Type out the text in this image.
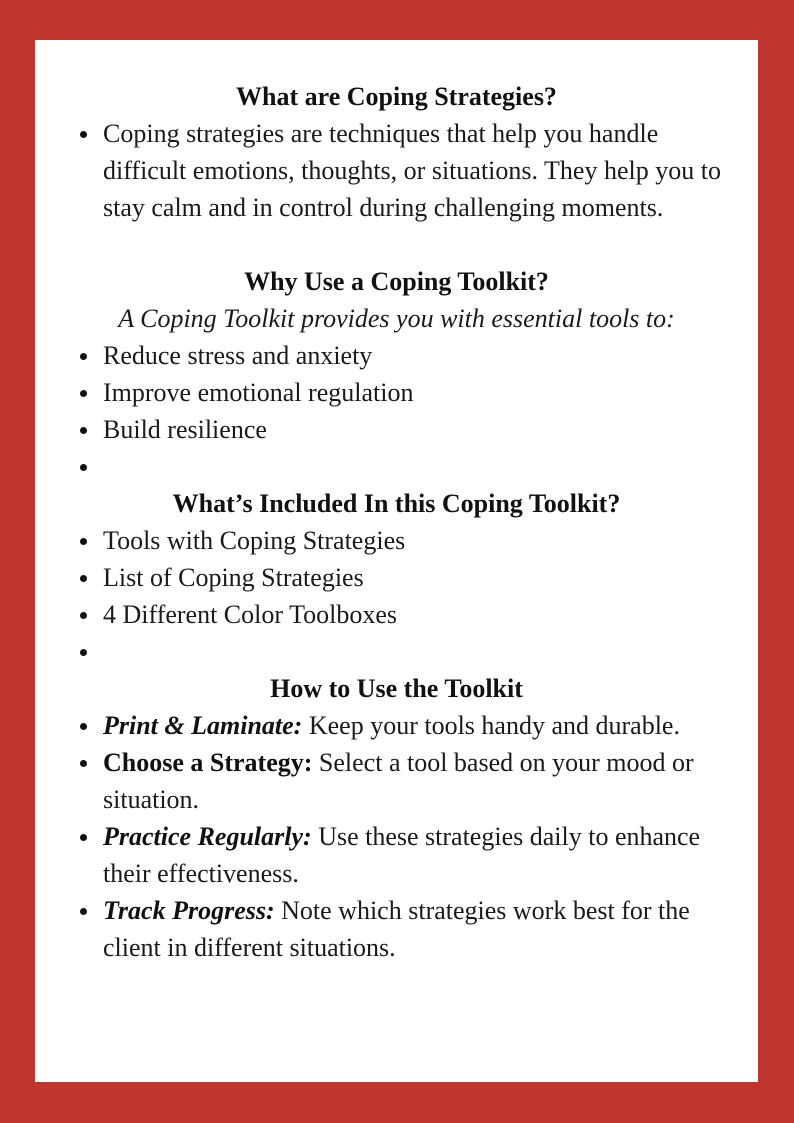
What are Coping Strategies?
Coping strategies are techniques that help you handle difficult emotions, thoughts, or situations. They help you to stay calm and in control during challenging moments.
Why Use a Coping Toolkit?
A Coping Toolkit provides you with essential tools to:
Reduce stress and anxiety
Improve emotional regulation
Build resilience
What’s Included In this Coping Toolkit?
Tools with Coping Strategies
List of Coping Strategies
4 Different Color Toolboxes
How to Use the Toolkit
Print & Laminate: Keep your tools handy and durable.
Choose a Strategy: Select a tool based on your mood or situation.
Practice Regularly: Use these strategies daily to enhance their effectiveness.
Track Progress: Note which strategies work best for the client in different situations.
